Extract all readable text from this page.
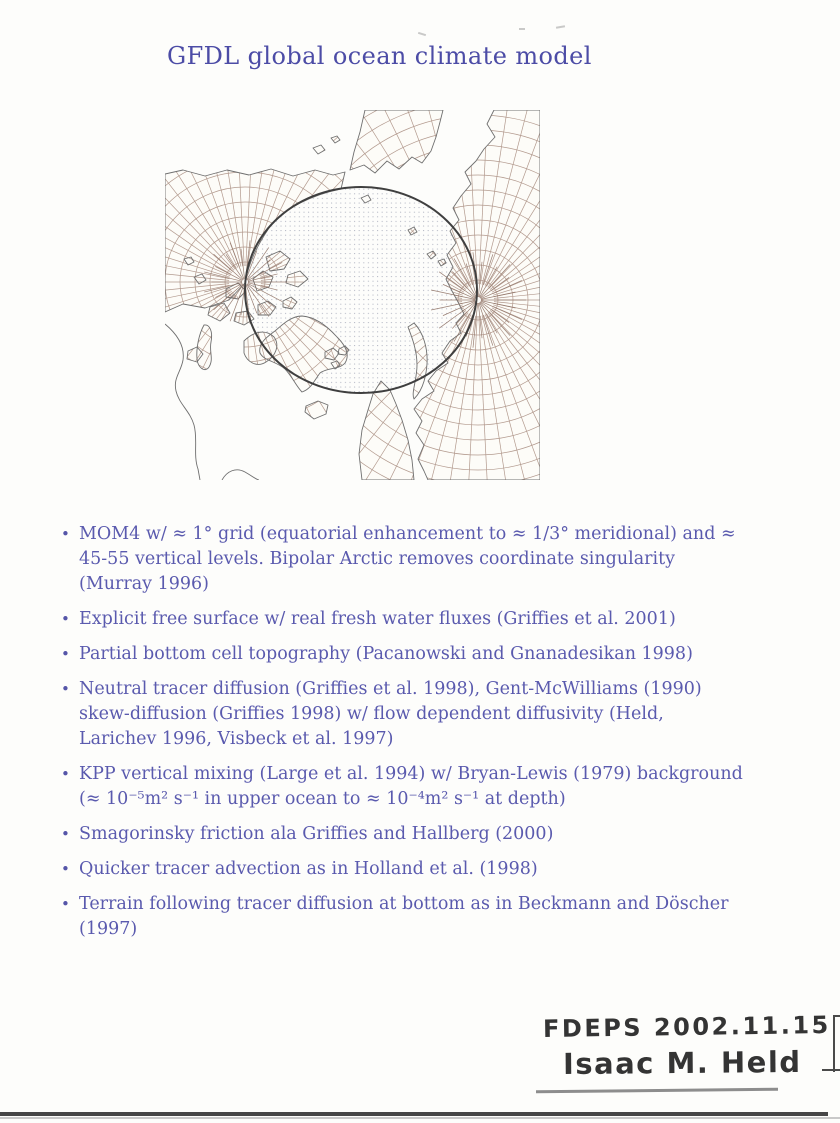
GFDL global ocean climate model
• MOM4 w/ ≈ 1° grid (equatorial enhancement to ≈ 1/3° meridional) and ≈ 45-55 vertical levels. Bipolar Arctic removes coordinate singularity (Murray 1996)
• Explicit free surface w/ real fresh water fluxes (Griffies et al. 2001)
• Partial bottom cell topography (Pacanowski and Gnanadesikan 1998)
• Neutral tracer diffusion (Griffies et al. 1998), Gent-McWilliams (1990) skew-diffusion (Griffies 1998) w/ flow dependent diffusivity (Held, Larichev 1996, Visbeck et al. 1997)
• KPP vertical mixing (Large et al. 1994) w/ Bryan-Lewis (1979) background (≈ 10⁻⁵m² s⁻¹ in upper ocean to ≈ 10⁻⁴m² s⁻¹ at depth)
• Smagorinsky friction ala Griffies and Hallberg (2000)
• Quicker tracer advection as in Holland et al. (1998)
• Terrain following tracer diffusion at bottom as in Beckmann and Döscher (1997)
FDEPS 2002.11.15
Isaac M. Held
